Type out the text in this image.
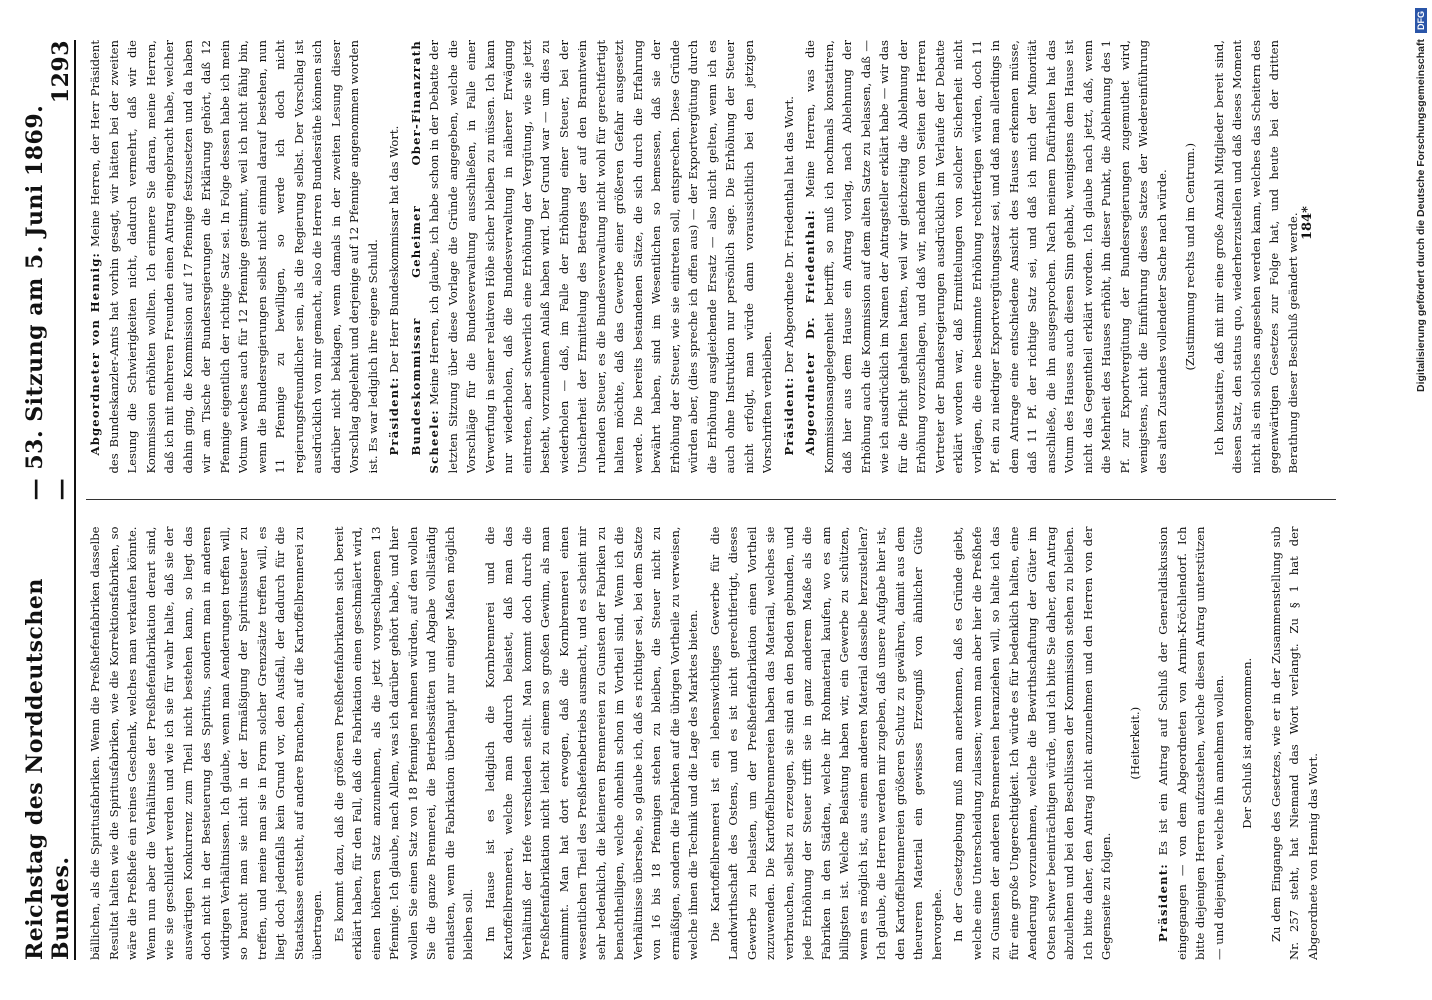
Reichstag des Norddeutschen Bundes.
— 53. Sitzung am 5. Juni 1869. —
1293

bällichen, als die Spiritusfabriken. Wenn die Preßhefenfabriken dasselbe Resultat halten wie die Spiritusfabriken, wie die Korrektionsfabriken, so wäre die Preßhefe ein reines Geschenk, welches man verkaufen könnte. Wenn nun aber die Verhältnisse der Preßhefenfabrikation derart sind, wie sie geschildert werden und wie ich sie für wahr halte, daß sie der auswärtigen Konkurrenz zum Theil nicht bestehen kann, so liegt das doch nicht in der Besteuerung des Spiritus, sondern man in anderen widrigen Verhältnissen. Ich glaube, wenn man Aenderungen treffen will, so braucht man sie nicht in der Ermäßigung der Spiritussteuer zu treffen, und meine man sie in Form solcher Grenzsätze treffen will, es liegt doch jedenfalls kein Grund vor, den Ausfall, der dadurch für die Staatskasse entsteht, auf andere Branchen, auf die Kartoffelbrennerei zu übertragen. Es kommt dazu, daß die größeren Preßhefenfabrikanten sich bereit erklärt haben, für den Fall, daß die Fabrikation einen geschmälert wird, einen höheren Satz anzunehmen, als die jetzt vorgeschlagenen 13 Pfennige. Ich glaube, nach Allem, was ich darüber gehört habe, und hier wollen Sie einen Satz von 18 Pfennigen nehmen würden, auf den wollen Sie die ganze Brennerei, die Betriebsstätten und Abgabe vollständig entlasten, wenn die Fabrikation überhaupt nur einiger Maßen möglich bleiben soll. Im Hause ist es lediglich die Kornbrennerei und die Kartoffelbrennerei, welche man dadurch belastet, daß man das Verhältniß der Hefe verschieden stellt. Man kommt doch durch die Preßhefenfabrikation nicht leicht zu einem so großen Gewinn, als man annimmt. Man hat dort erwogen, daß die Kornbrennerei einen wesentlichen Theil des Preßhefenbetriebs ausmacht, und es scheint mir sehr bedenklich, die kleineren Brennereien zu Gunsten der Fabriken zu benachtheiligen, welche ohnehin schon im Vortheil sind. Wenn ich die Verhältnisse übersehe, so glaube ich, daß es richtiger sei, bei dem Satze von 16 bis 18 Pfennigen stehen zu bleiben, die Steuer nicht zu ermäßigen, sondern die Fabriken auf die übrigen Vortheile zu verweisen, welche ihnen die Technik und die Lage des Marktes bieten. Die Kartoffelbrennerei ist ein lebenswichtiges Gewerbe für die Landwirthschaft des Ostens, und es ist nicht gerechtfertigt, dieses Gewerbe zu belasten, um der Preßhefenfabrikation einen Vortheil zuzuwenden. Die Kartoffelbrennereien haben das Material, welches sie verbrauchen, selbst zu erzeugen, sie sind an den Boden gebunden, und jede Erhöhung der Steuer trifft sie in ganz anderem Maße als die Fabriken in den Städten, welche ihr Rohmaterial kaufen, wo es am billigsten ist. Welche Belastung haben wir, ein Gewerbe zu schützen, wenn es möglich ist, aus einem anderen Material dasselbe herzustellen? Ich glaube, die Herren werden mir zugeben, daß unsere Aufgabe hier ist, den Kartoffelbrennereien größeren Schutz zu gewähren, damit aus dem theureren Material ein gewisses Erzeugniß von ähnlicher Güte hervorgehe. In der Gesetzgebung muß man anerkennen, daß es Gründe giebt, welche eine Unterscheidung zulassen; wenn man aber hier die Preßhefe zu Gunsten der anderen Brennereien heranziehen will, so halte ich das für eine große Ungerechtigkeit. Ich würde es für bedenklich halten, eine Aenderung vorzunehmen, welche die Bewirthschaftung der Güter im Osten schwer beeinträchtigen würde, und ich bitte Sie daher, den Antrag abzulehnen und bei den Beschlüssen der Kommission stehen zu bleiben. Ich bitte daher, den Antrag nicht anzunehmen und den Herren von der Gegenseite zu folgen.

(Heiterkeit.)

Präsident: Es ist ein Antrag auf Schluß der Generaldiskussion eingegangen — von dem Abgeordneten von Arnim-Kröchlendorf. Ich bitte diejenigen Herren aufzustehen, welche diesen Antrag unterstützen — und diejenigen, welche ihn annehmen wollen. Der Schluß ist angenommen. Zu dem Eingange des Gesetzes, wie er in der Zusammenstellung sub Nr. 257 steht, hat Niemand das Wort verlangt. Zu § 1 hat der Abgeordnete von Hennig das Wort.

Abgeordneter von Hennig: Meine Herren, der Herr Präsident des Bundeskanzler-Amts hat vorhin gesagt, wir hätten bei der zweiten Lesung die Schwierigkeiten nicht, dadurch vermehrt, daß wir die Kommission erhöhten wollten. Ich erinnere Sie daran, meine Herren, daß ich mit mehreren Freunden einen Antrag eingebracht habe, welcher dahin ging, die Kommission auf 17 Pfennige festzusetzen und da haben wir am Tische der Bundesregierungen die Erklärung gehört, daß 12 Pfennige eigentlich der richtige Satz sei. In Folge dessen habe ich mein Votum welches auch für 12 Pfennige gestimmt, weil ich nicht fähig bin, wenn die Bundesregierungen selbst nicht einmal darauf bestehen, nun 11 Pfennige zu bewilligen, so werde ich doch nicht regierungsfreundlicher sein, als die Regierung selbst. Der Vorschlag ist ausdrücklich von mir gemacht, also die Herren Bundesräthe können sich darüber nicht beklagen, wenn damals in der zweiten Lesung dieser Vorschlag abgelehnt und derjenige auf 12 Pfennige angenommen worden ist. Es war lediglich ihre eigene Schuld. Präsident: Der Herr Bundeskommissar hat das Wort. Bundeskommissar Geheimer Ober-Finanzrath Scheele: Meine Herren, ich glaube, ich habe schon in der Debatte der letzten Sitzung über diese Vorlage die Gründe angegeben, welche die Vorschläge für die Bundesverwaltung ausschließen, in Falle einer Verwerfung in seiner relativen Höhe sicher bleiben zu müssen. Ich kann nur wiederholen, daß die Bundesverwaltung in näherer Erwägung eintreten, aber schwerlich eine Erhöhung der Vergütung, wie sie jetzt besteht, vorzunehmen Anlaß haben wird. Der Grund war — um dies zu wiederholen — daß, im Falle der Erhöhung einer Steuer, bei der Unsicherheit der Ermittelung des Betrages der auf den Branntwein ruhenden Steuer, es die Bundesverwaltung nicht wohl für gerechtfertigt halten möchte, daß das Gewerbe einer größeren Gefahr ausgesetzt werde. Die bereits bestandenen Sätze, die sich durch die Erfahrung bewährt haben, sind im Wesentlichen so bemessen, daß sie der Erhöhung der Steuer, wie sie eintreten soll, entsprechen. Diese Gründe würden aber, (dies spreche ich offen aus) — der Exportvergütung durch die Erhöhung ausgleichende Ersatz — also nicht gelten, wenn ich es auch ohne Instruktion nur persönlich sage. Die Erhöhung der Steuer nicht erfolgt, man würde dann voraussichtlich bei den jetzigen Vorschriften verbleiben. Präsident: Der Abgeordnete Dr. Friedenthal hat das Wort. Abgeordneter Dr. Friedenthal: Meine Herren, was die Kommissionsangelegenheit betrifft, so muß ich nochmals konstatiren, daß hier aus dem Hause ein Antrag vorlag, nach Ablehnung der Erhöhung auch die Kommission auf dem alten Satze zu belassen, daß — wie ich ausdrücklich im Namen der Antragsteller erklärt habe — wir das für die Pflicht gehalten hatten, weil wir gleichzeitig die Ablehnung der Erhöhung vorzuschlagen, und daß wir, nachdem von Seiten der Herren Vertreter der Bundesregierungen ausdrücklich im Verlaufe der Debatte erklärt worden war, daß Ermittelungen von solcher Sicherheit nicht vorlägen, die eine bestimmte Erhöhung rechtfertigen würden, doch 11 Pf. ein zu niedriger Exportvergütungssatz sei, und daß man allerdings in dem Antrage eine entschiedene Ansicht des Hauses erkennen müsse, daß 11 Pf. der richtige Satz sei, und daß ich mich der Minorität anschließe, die ihn ausgesprochen. Nach meinem Dafürhalten hat das Votum des Hauses auch diesen Sinn gehabt, wenigstens dem Hause ist nicht das Gegentheil erklärt worden. Ich glaube nach jetzt, daß, wenn die Mehrheit des Hauses erhöht, ihn dieser Punkt, die Ablehnung des 1 Pf. zur Exportvergütung der Bundesregierungen zugemuthet wird, wenigstens, nicht die Einführung dieses Satzes der Wiedereinführung des alten Zustandes vollendeter Sache nach würde. (Zustimmung rechts und im Centrum.) Ich konstatire, daß mit mir eine große Anzahl Mitglieder bereit sind, diesen Satz, den status quo, wiederherzustellen und daß dieses Moment nicht als ein solches angesehen werden kann, welches das Scheitern des gegenwärtigen Gesetzes zur Folge hat, und heute bei der dritten Berathung dieser Beschluß geändert werde. 184*	Digitalisierung gefördert durch die Deutsche Forschungsgemeinschaft
DFG
